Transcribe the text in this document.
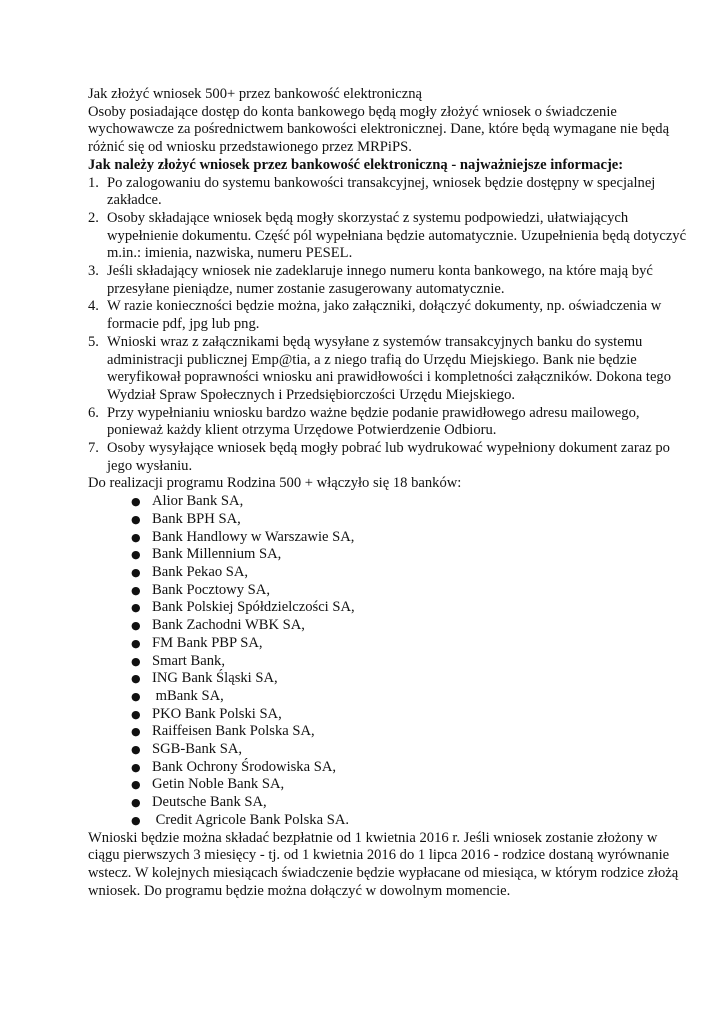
Jak złożyć wniosek 500+ przez bankowość elektroniczną

Osoby posiadające dostęp do konta bankowego będą mogły złożyć wniosek o świadczenie wychowawcze za pośrednictwem bankowości elektronicznej. Dane, które będą wymagane nie będą różnić się od wniosku przedstawionego przez MRPiPS.

Jak należy złożyć wniosek przez bankowość elektroniczną - najważniejsze informacje:

1. Po zalogowaniu do systemu bankowości transakcyjnej, wniosek będzie dostępny w specjalnej zakładce.
2. Osoby składające wniosek będą mogły skorzystać z systemu podpowiedzi, ułatwiających wypełnienie dokumentu. Część pól wypełniana będzie automatycznie. Uzupełnienia będą dotyczyć m.in.: imienia, nazwiska, numeru PESEL.
3. Jeśli składający wniosek nie zadeklaruje innego numeru konta bankowego, na które mają być przesyłane pieniądze, numer zostanie zasugerowany automatycznie.
4. W razie konieczności będzie można, jako załączniki, dołączyć dokumenty, np. oświadczenia w formacie pdf, jpg lub png.
5. Wnioski wraz z załącznikami będą wysyłane z systemów transakcyjnych banku do systemu administracji publicznej Emp@tia, a z niego trafią do Urzędu Miejskiego. Bank nie będzie weryfikował poprawności wniosku ani prawidłowości i kompletności załączników. Dokona tego Wydział Spraw Społecznych i Przedsiębiorczości Urzędu Miejskiego.
6. Przy wypełnianiu wniosku bardzo ważne będzie podanie prawidłowego adresu mailowego, ponieważ każdy klient otrzyma Urzędowe Potwierdzenie Odbioru.
7. Osoby wysyłające wniosek będą mogły pobrać lub wydrukować wypełniony dokument zaraz po jego wysłaniu.

Do realizacji programu Rodzina 500 + włączyło się 18 banków:

● Alior Bank SA,
● Bank BPH SA,
● Bank Handlowy w Warszawie SA,
● Bank Millennium SA,
● Bank Pekao SA,
● Bank Pocztowy SA,
● Bank Polskiej Spółdzielczości SA,
● Bank Zachodni WBK SA,
● FM Bank PBP SA,
● Smart Bank,
● ING Bank Śląski SA,
● mBank SA,
● PKO Bank Polski SA,
● Raiffeisen Bank Polska SA,
● SGB-Bank SA,
● Bank Ochrony Środowiska SA,
● Getin Noble Bank SA,
● Deutsche Bank SA,
● Credit Agricole Bank Polska SA.

Wnioski będzie można składać bezpłatnie od 1 kwietnia 2016 r. Jeśli wniosek zostanie złożony w ciągu pierwszych 3 miesięcy - tj. od 1 kwietnia 2016 do 1 lipca 2016 - rodzice dostaną wyrównanie wstecz. W kolejnych miesiącach świadczenie będzie wypłacane od miesiąca, w którym rodzice złożą wniosek. Do programu będzie można dołączyć w dowolnym momencie.
